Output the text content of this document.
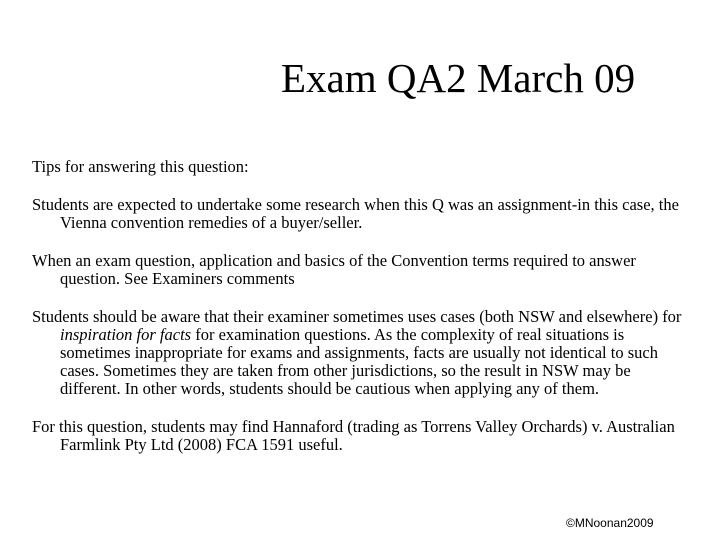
Exam QA2 March 09

Tips for answering this question:

Students are expected to undertake some research when this Q was an assignment-in this case, the Vienna convention remedies of a buyer/seller.

When an exam question, application and basics of the Convention terms required to answer question. See Examiners comments

Students should be aware that their examiner sometimes uses cases (both NSW and elsewhere) for inspiration for facts for examination questions. As the complexity of real situations is sometimes inappropriate for exams and assignments, facts are usually not identical to such cases. Sometimes they are taken from other jurisdictions, so the result in NSW may be different. In other words, students should be cautious when applying any of them.

For this question, students may find Hannaford (trading as Torrens Valley Orchards) v. Australian Farmlink Pty Ltd (2008) FCA 1591 useful.

©MNoonan2009
